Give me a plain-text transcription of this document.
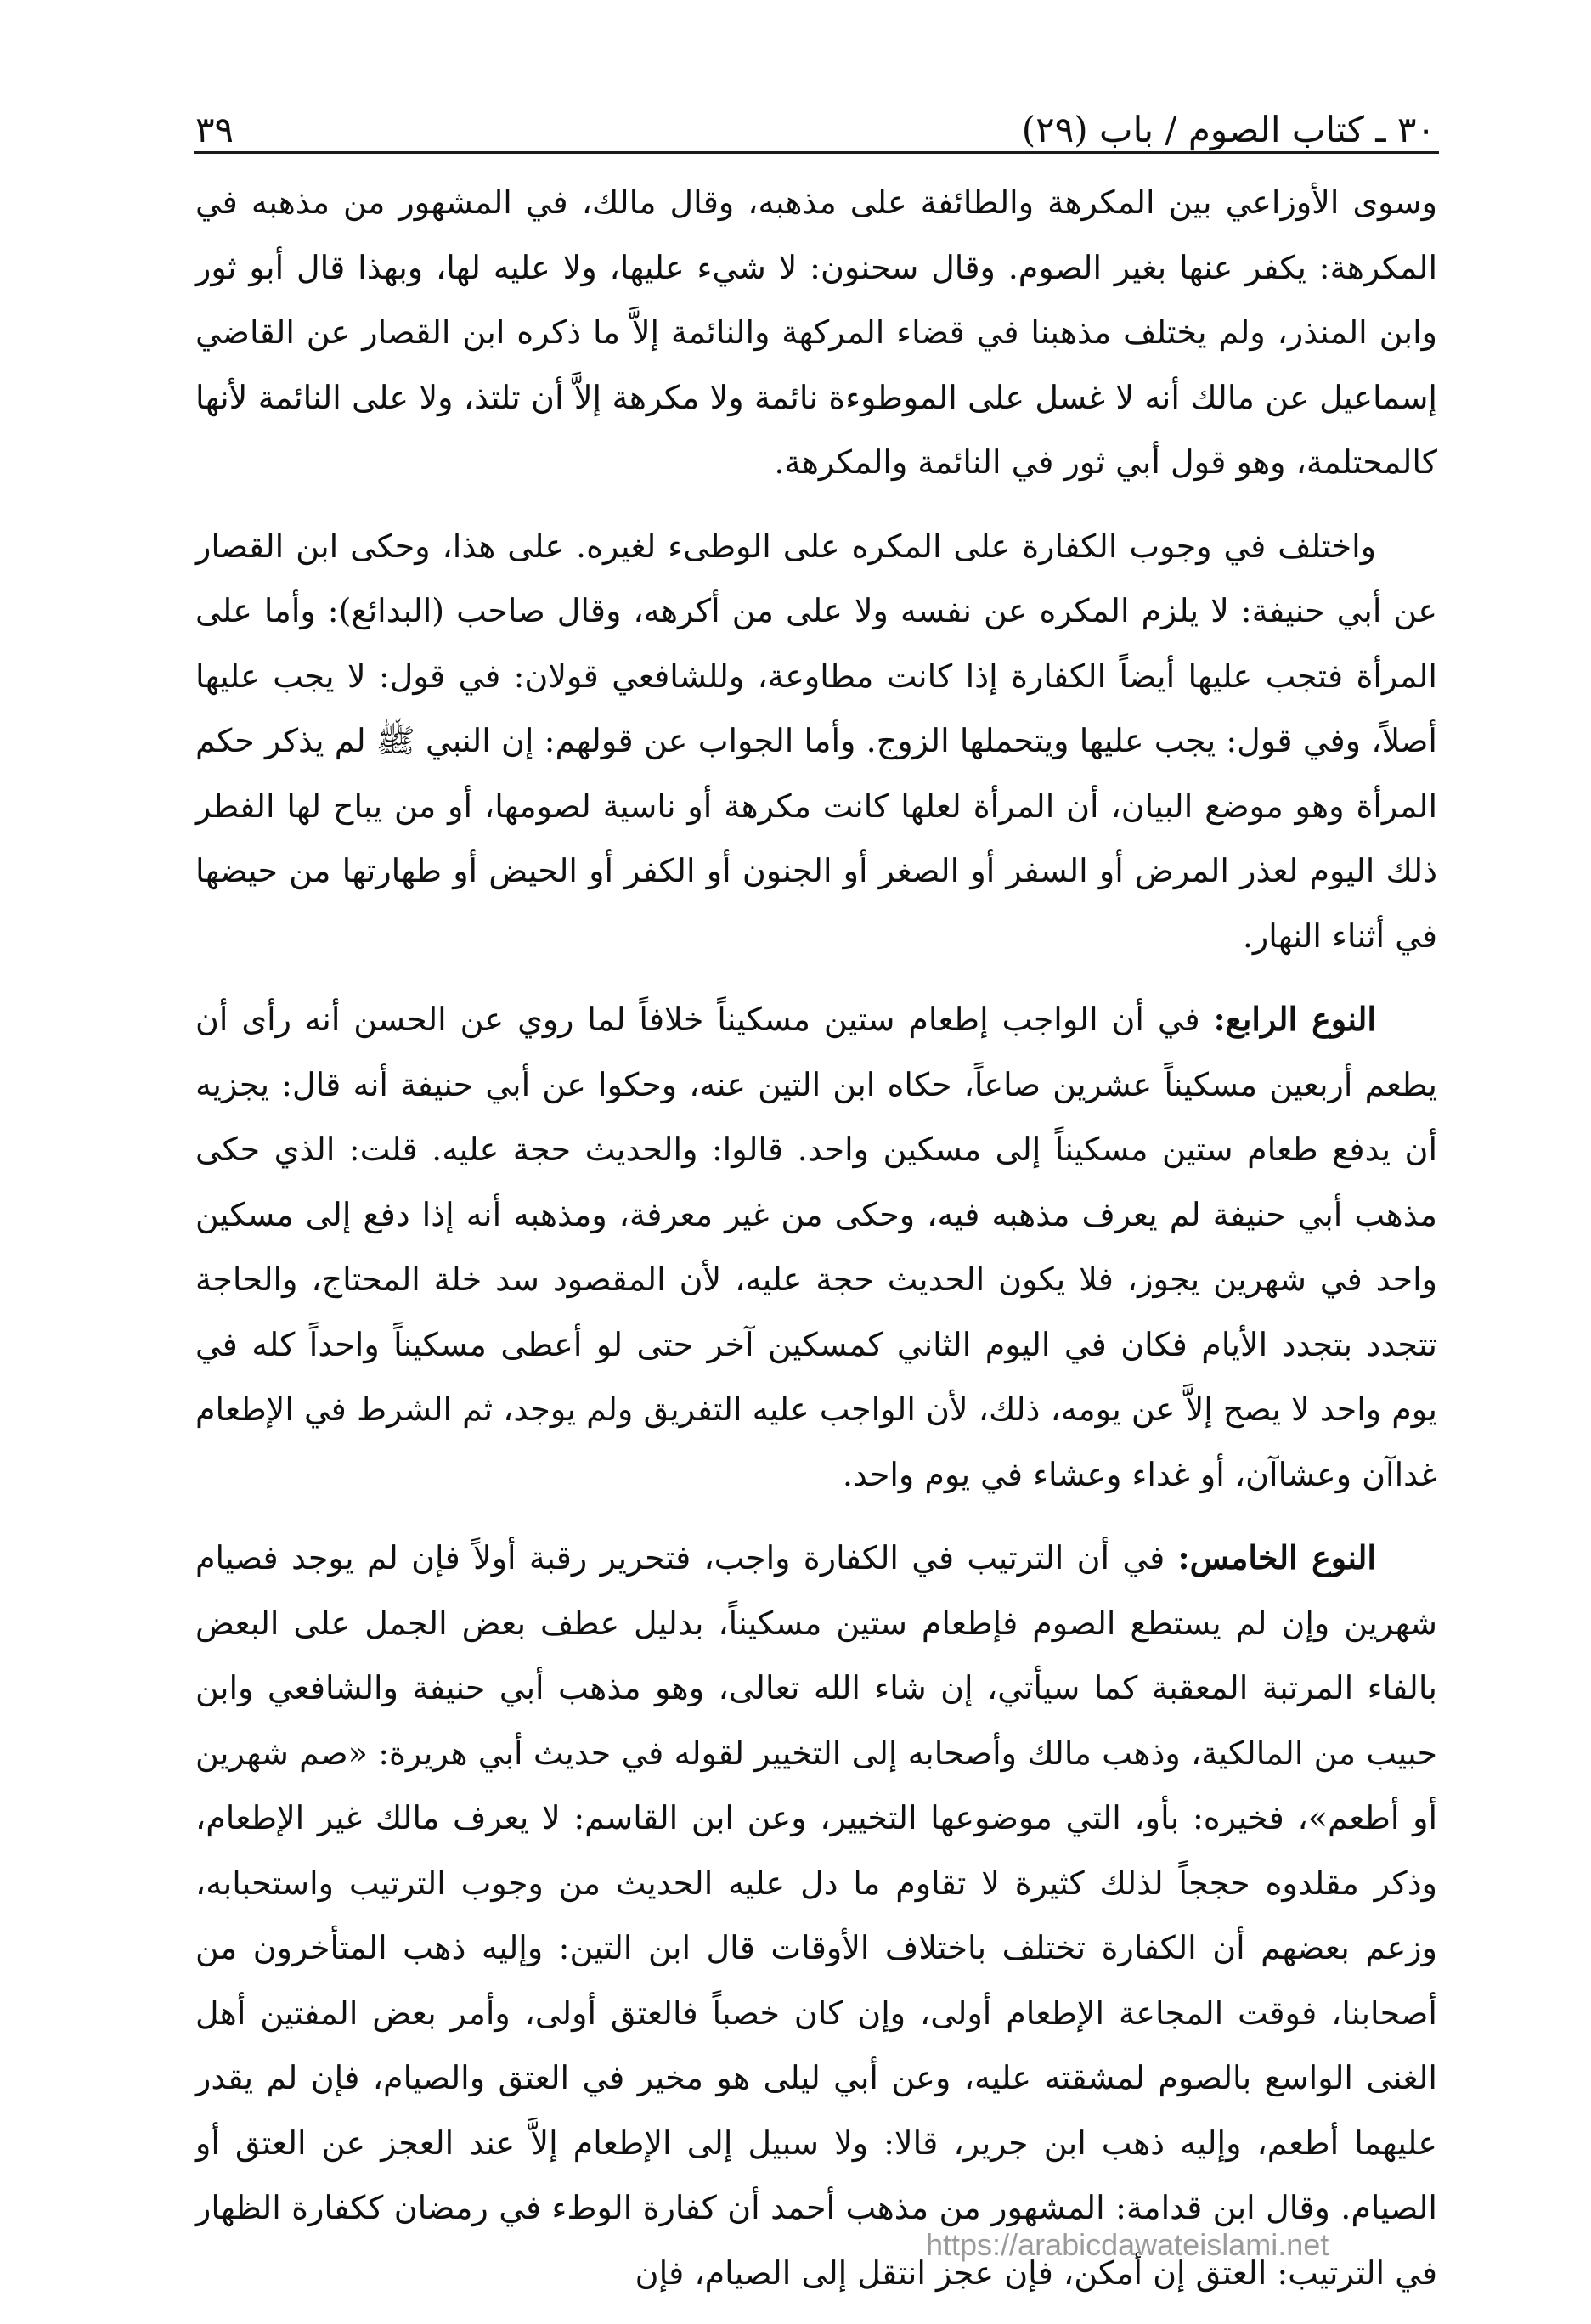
٣٠ ـ كتاب الصوم / باب (٢٩)
٣٩

وسوى الأوزاعي بين المكرهة والطائفة على مذهبه، وقال مالك، في المشهور من مذهبه في المكرهة: يكفر عنها بغير الصوم. وقال سحنون: لا شيء عليها، ولا عليه لها، وبهذا قال أبو ثور وابن المنذر، ولم يختلف مذهبنا في قضاء المركهة والنائمة إلاَّ ما ذكره ابن القصار عن القاضي إسماعيل عن مالك أنه لا غسل على الموطوءة نائمة ولا مكرهة إلاَّ أن تلتذ، ولا على النائمة لأنها كالمحتلمة، وهو قول أبي ثور في النائمة والمكرهة.

واختلف في وجوب الكفارة على المكره على الوطىء لغيره. على هذا، وحكى ابن القصار عن أبي حنيفة: لا يلزم المكره عن نفسه ولا على من أكرهه، وقال صاحب (البدائع): وأما على المرأة فتجب عليها أيضاً الكفارة إذا كانت مطاوعة، وللشافعي قولان: في قول: لا يجب عليها أصلاً، وفي قول: يجب عليها ويتحملها الزوج. وأما الجواب عن قولهم: إن النبي ﷺ لم يذكر حكم المرأة وهو موضع البيان، أن المرأة لعلها كانت مكرهة أو ناسية لصومها، أو من يباح لها الفطر ذلك اليوم لعذر المرض أو السفر أو الصغر أو الجنون أو الكفر أو الحيض أو طهارتها من حيضها في أثناء النهار.

النوع الرابع: في أن الواجب إطعام ستين مسكيناً خلافاً لما روي عن الحسن أنه رأى أن يطعم أربعين مسكيناً عشرين صاعاً، حكاه ابن التين عنه، وحكوا عن أبي حنيفة أنه قال: يجزيه أن يدفع طعام ستين مسكيناً إلى مسكين واحد. قالوا: والحديث حجة عليه. قلت: الذي حكى مذهب أبي حنيفة لم يعرف مذهبه فيه، وحكى من غير معرفة، ومذهبه أنه إذا دفع إلى مسكين واحد في شهرين يجوز، فلا يكون الحديث حجة عليه، لأن المقصود سد خلة المحتاج، والحاجة تتجدد بتجدد الأيام فكان في اليوم الثاني كمسكين آخر حتى لو أعطى مسكيناً واحداً كله في يوم واحد لا يصح إلاَّ عن يومه، ذلك، لأن الواجب عليه التفريق ولم يوجد، ثم الشرط في الإطعام غداآن وعشاآن، أو غداء وعشاء في يوم واحد.

النوع الخامس: في أن الترتيب في الكفارة واجب، فتحرير رقبة أولاً فإن لم يوجد فصيام شهرين وإن لم يستطع الصوم فإطعام ستين مسكيناً، بدليل عطف بعض الجمل على البعض بالفاء المرتبة المعقبة كما سيأتي، إن شاء الله تعالى، وهو مذهب أبي حنيفة والشافعي وابن حبيب من المالكية، وذهب مالك وأصحابه إلى التخيير لقوله في حديث أبي هريرة: «صم شهرين أو أطعم»، فخيره: بأو، التي موضوعها التخيير، وعن ابن القاسم: لا يعرف مالك غير الإطعام، وذكر مقلدوه حججاً لذلك كثيرة لا تقاوم ما دل عليه الحديث من وجوب الترتيب واستحبابه، وزعم بعضهم أن الكفارة تختلف باختلاف الأوقات قال ابن التين: وإليه ذهب المتأخرون من أصحابنا، فوقت المجاعة الإطعام أولى، وإن كان خصباً فالعتق أولى، وأمر بعض المفتين أهل الغنى الواسع بالصوم لمشقته عليه، وعن أبي ليلى هو مخير في العتق والصيام، فإن لم يقدر عليهما أطعم، وإليه ذهب ابن جرير، قالا: ولا سبيل إلى الإطعام إلاَّ عند العجز عن العتق أو الصيام. وقال ابن قدامة: المشهور من مذهب أحمد أن كفارة الوطء في رمضان ككفارة الظهار في الترتيب: العتق إن أمكن، فإن عجز انتقل إلى الصيام، فإن

https://arabicdawateislami.net
